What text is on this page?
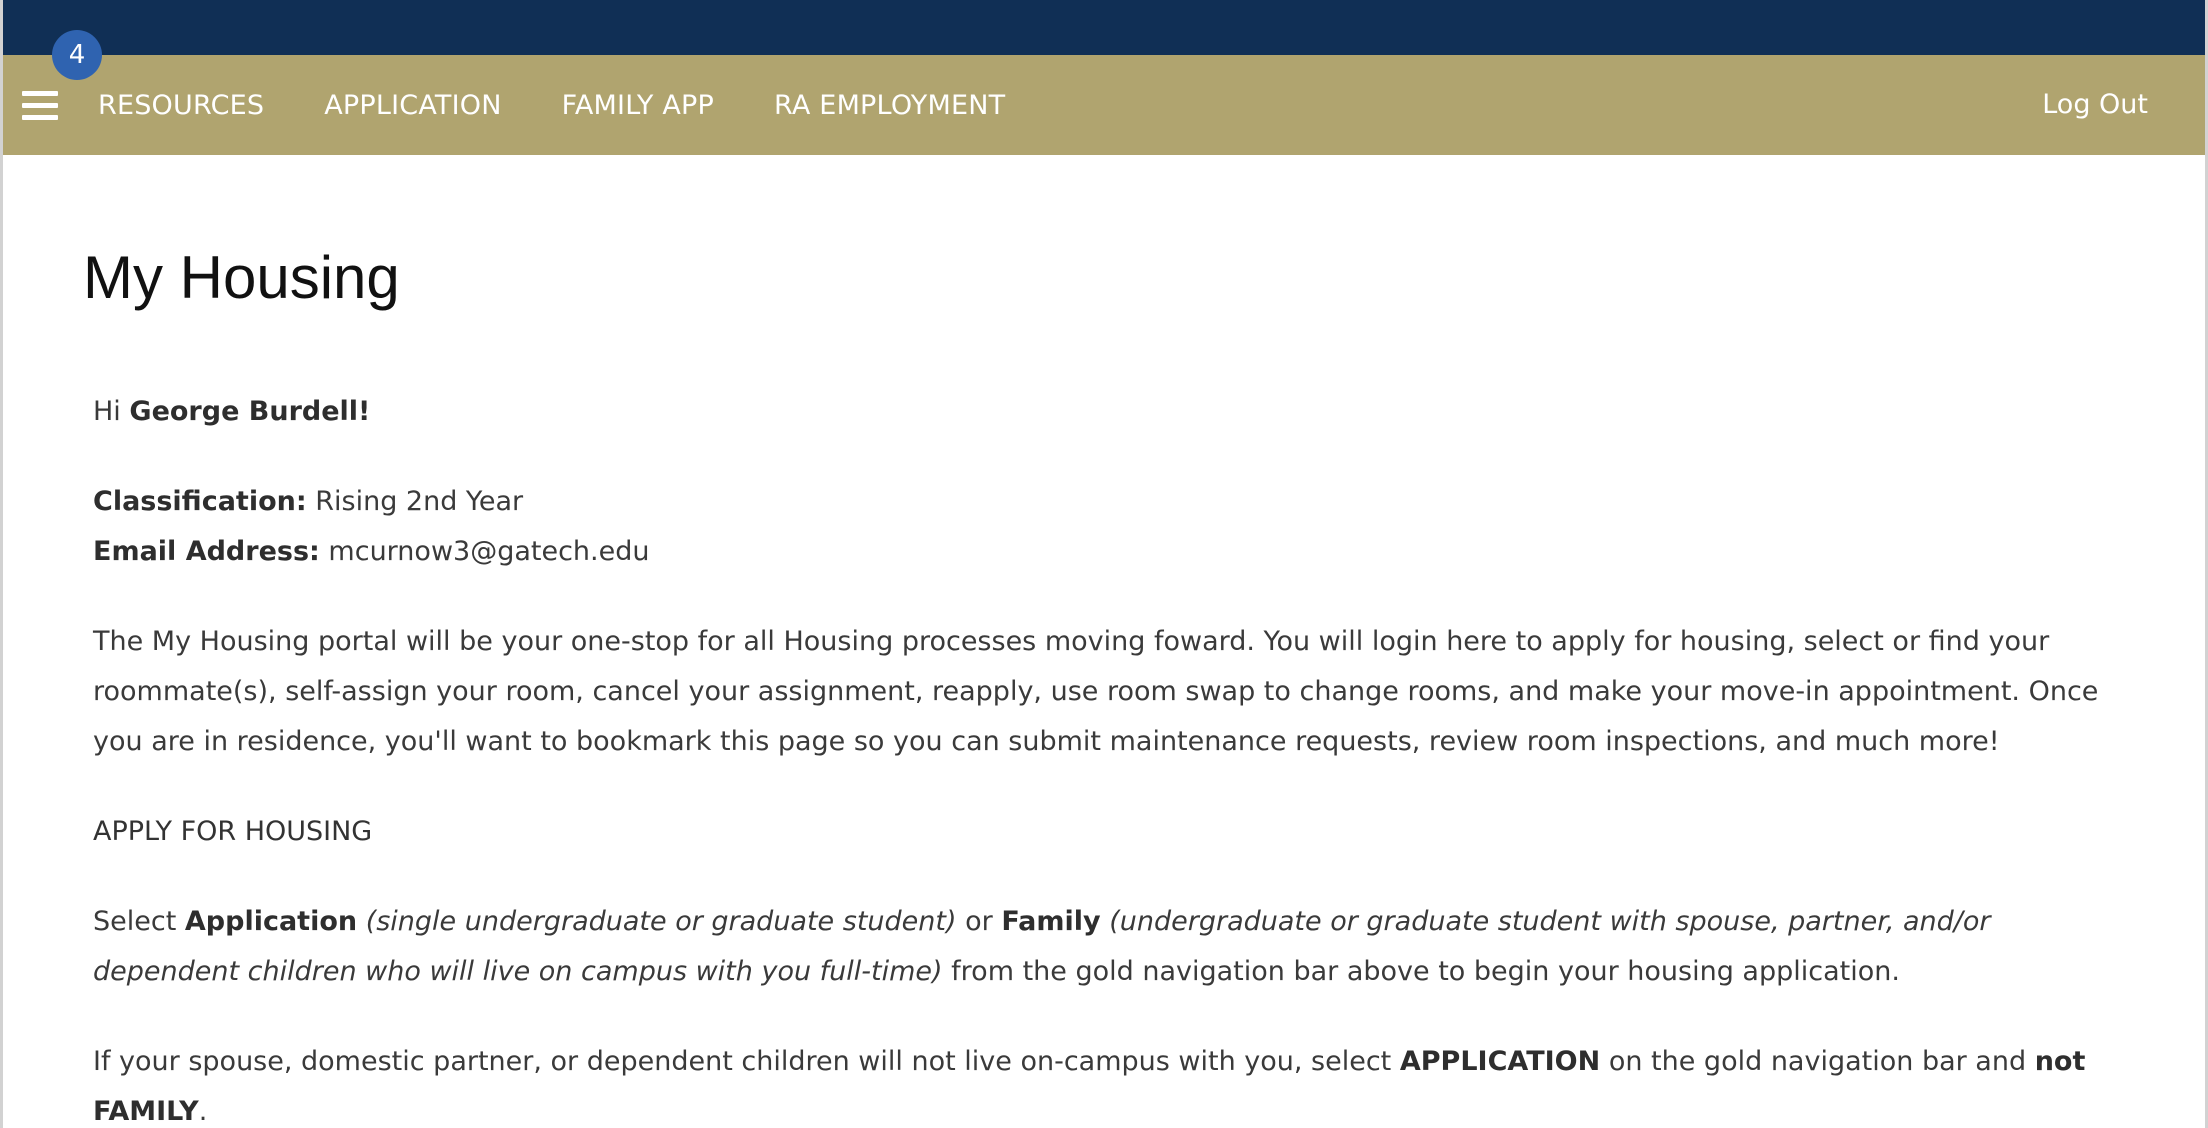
RESOURCES APPLICATION FAMILY APP RA EMPLOYMENT	Log Out
4
My Housing

Hi George Burdell!

Classification: Rising 2nd Year

Email Address: mcurnow3@gatech.edu

The My Housing portal will be your one-stop for all Housing processes moving foward. You will login here to apply for housing, select or find your roommate(s), self-assign your room, cancel your assignment, reapply, use room swap to change rooms, and make your move-in appointment. Once you are in residence, you'll want to bookmark this page so you can submit maintenance requests, review room inspections, and much more!

APPLY FOR HOUSING

Select Application (single undergraduate or graduate student) or Family (undergraduate or graduate student with spouse, partner, and/or dependent children who will live on campus with you full-time) from the gold navigation bar above to begin your housing application.

If your spouse, domestic partner, or dependent children will not live on-campus with you, select APPLICATION on the gold navigation bar and not FAMILY.
